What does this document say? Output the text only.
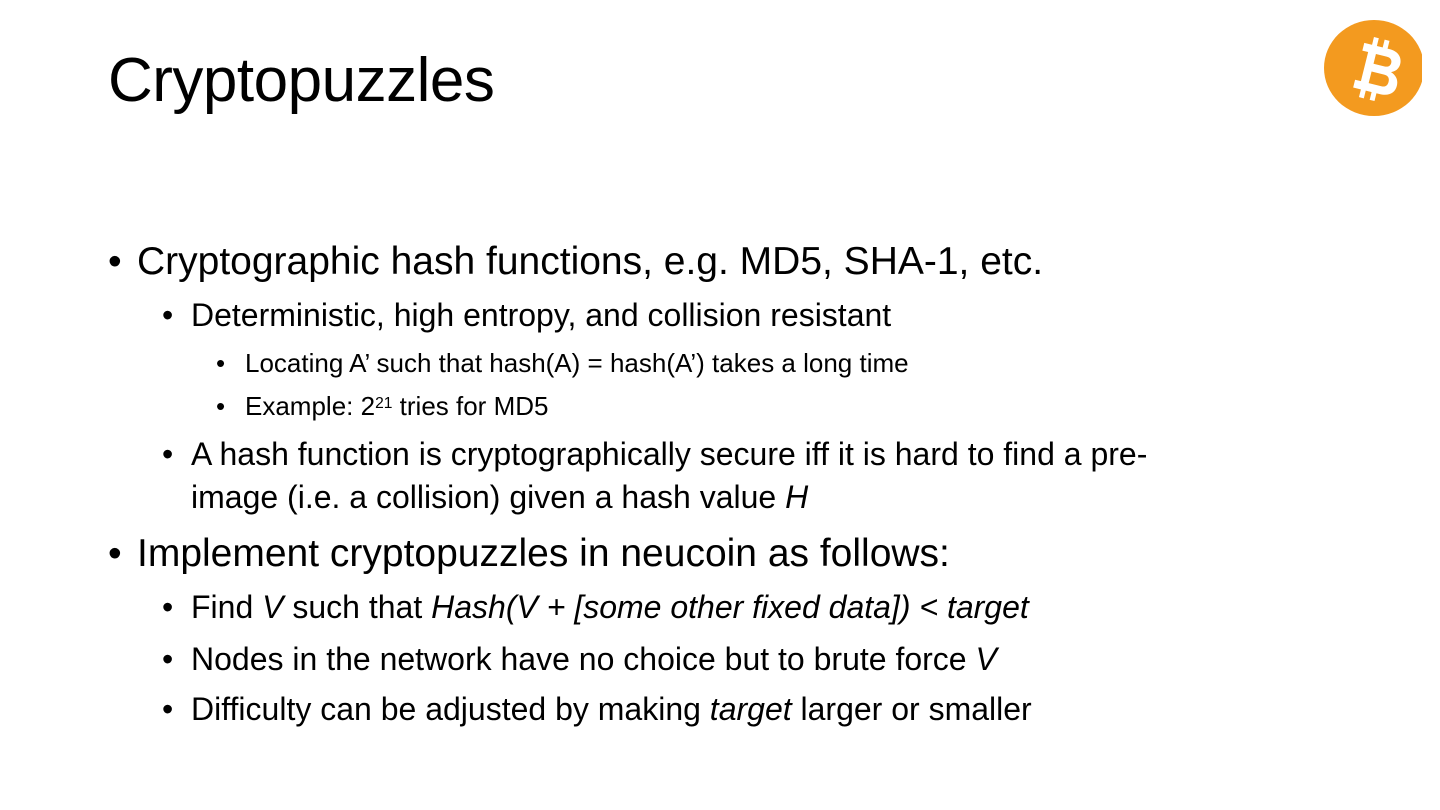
Cryptopuzzles
• Cryptographic hash functions, e.g. MD5, SHA-1, etc.
• Deterministic, high entropy, and collision resistant
• Locating A’ such that hash(A) = hash(A’) takes a long time
• Example: $2^{21}$ tries for MD5
• A hash function is cryptographically secure iff it is hard to find a pre-
image (i.e. a collision) given a hash value H
• Implement cryptopuzzles in neucoin as follows:
• Find V such that Hash(V + [some other fixed data]) < target
• Nodes in the network have no choice but to brute force V
• Difficulty can be adjusted by making target larger or smaller
